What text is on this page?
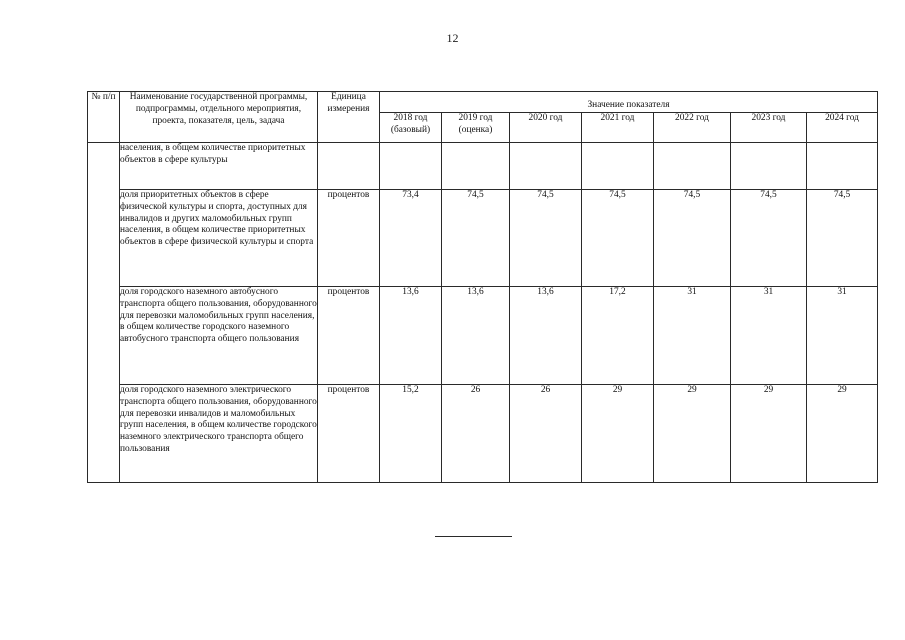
12
№ п/п	Наименование государственной программы, подпрограммы, отдельного мероприятия, проекта, показателя, цель, задача	Единица измерения	Значение показателя						
			2018 год (базовый)	2019 год (оценка)	2020 год	2021 год	2022 год	2023 год	2024 год
	населения, в общем количестве приоритетных объектов в сфере культуры								
	доля приоритетных объектов в сфере физической культуры и спорта, доступных для инвалидов и других маломобильных групп населения, в общем количестве приоритетных объектов в сфере физической культуры и спорта	процентов	73,4	74,5	74,5	74,5	74,5	74,5	74,5
	доля городского наземного автобусного транспорта общего пользования, оборудованного для перевозки маломобильных групп населения, в общем количестве городского наземного автобусного транспорта общего пользования	процентов	13,6	13,6	13,6	17,2	31	31	31
	доля городского наземного электрического транспорта общего пользования, оборудованного для перевозки инвалидов и маломобильных групп населения, в общем количестве городского наземного электрического транспорта общего пользования	процентов	15,2	26	26	29	29	29	29
